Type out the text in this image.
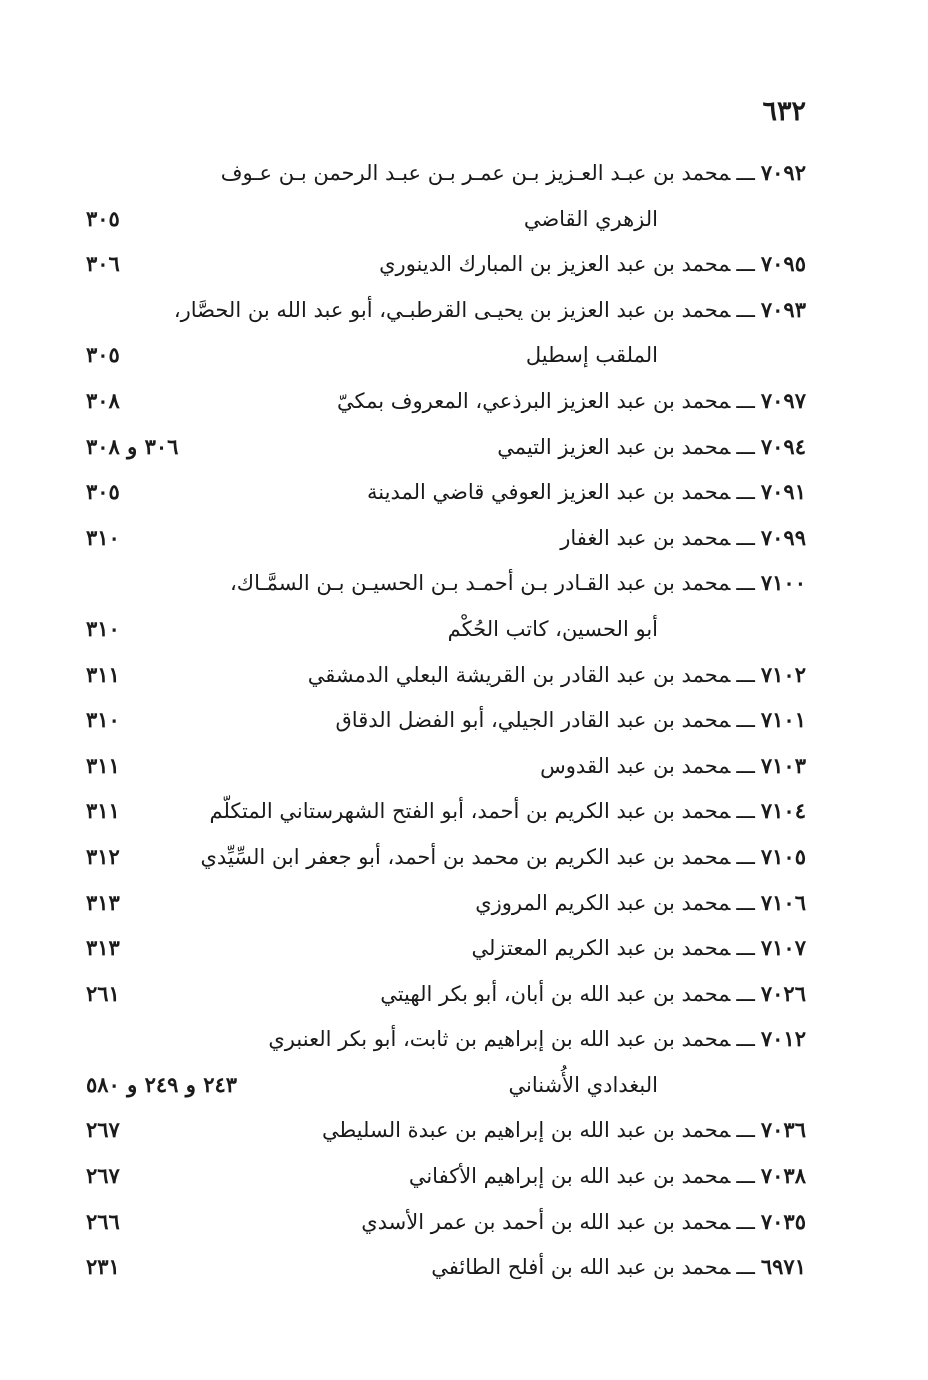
٦٣٢
٧٠٩٢ـــمحمد بن عبـد العـزيز بـن عمـر بـن عبـد الرحمن بـن عـوف
الزهري القاضي
٣٠٥
٧٠٩٥ـــمحمد بن عبد العزيز بن المبارك الدينوري
٣٠٦
٧٠٩٣ـــمحمد بن عبد العزيز بن يحيـى القرطبـي، أبو عبد الله بن الحصَّار،
الملقب إسطيل
٣٠٥
٧٠٩٧ـــمحمد بن عبد العزيز البرذعي، المعروف بمكيّ
٣٠٨
٧٠٩٤ـــمحمد بن عبد العزيز التيمي
٣٠٦ و ٣٠٨
٧٠٩١ـــمحمد بن عبد العزيز العوفي قاضي المدينة
٣٠٥
٧٠٩٩ـــمحمد بن عبد الغفار
٣١٠
٧١٠٠ـــمحمد بن عبد القـادر بـن أحمـد بـن الحسيـن بـن السمَّـاك،
أبو الحسين، كاتب الحُكْم
٣١٠
٧١٠٢ـــمحمد بن عبد القادر بن القريشة البعلي الدمشقي
٣١١
٧١٠١ـــمحمد بن عبد القادر الجيلي، أبو الفضل الدقاق
٣١٠
٧١٠٣ـــمحمد بن عبد القدوس
٣١١
٧١٠٤ـــمحمد بن عبد الكريم بن أحمد، أبو الفتح الشهرستاني المتكلّم
٣١١
٧١٠٥ـــمحمد بن عبد الكريم بن محمد بن أحمد، أبو جعفر ابن السِّيِّدي
٣١٢
٧١٠٦ـــمحمد بن عبد الكريم المروزي
٣١٣
٧١٠٧ـــمحمد بن عبد الكريم المعتزلي
٣١٣
٧٠٢٦ـــمحمد بن عبد الله بن أبان، أبو بكر الهيتي
٢٦١
٧٠١٢ـــمحمد بن عبد الله بن إبراهيم بن ثابت، أبو بكر العنبري
البغدادي الأُشناني
٢٤٣ و ٢٤٩ و ٥٨٠
٧٠٣٦ـــمحمد بن عبد الله بن إبراهيم بن عبدة السليطي
٢٦٧
٧٠٣٨ـــمحمد بن عبد الله بن إبراهيم الأكفاني
٢٦٧
٧٠٣٥ـــمحمد بن عبد الله بن أحمد بن عمر الأسدي
٢٦٦
٦٩٧١ـــمحمد بن عبد الله بن أفلح الطائفي
٢٣١
